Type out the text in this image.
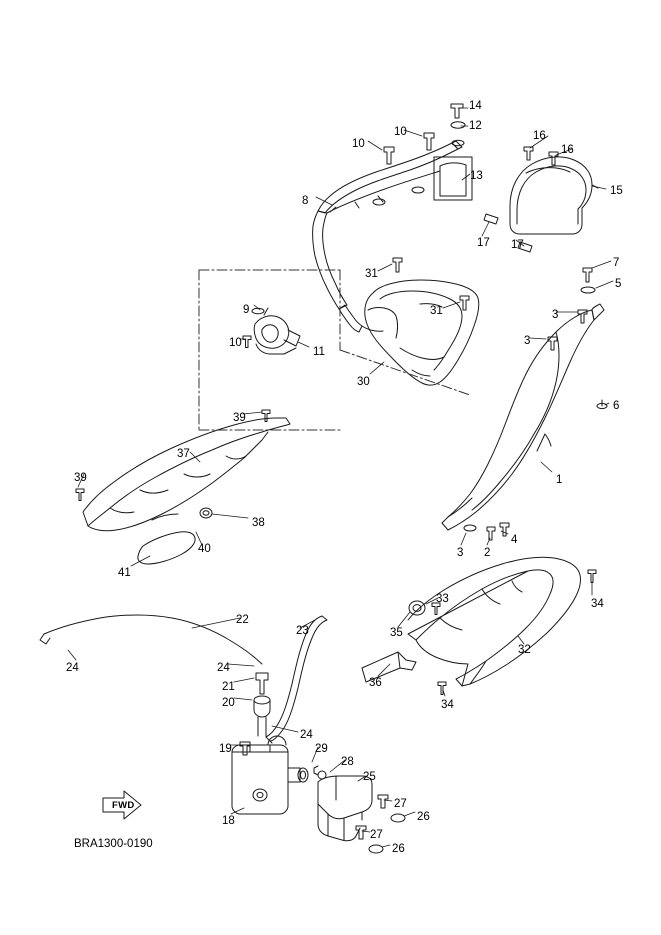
BRA1300-0190
FWD
14
12
10	16
16
10
13
15
8
17 17
7
31
5
9	31	3
3
10
11
30
6
39
1
37
39
38
40
41
3 2
4
34
33
35
32
22
23
24	24
21
20
24
36
34
19	29
28
25
27
26
18
27
26
